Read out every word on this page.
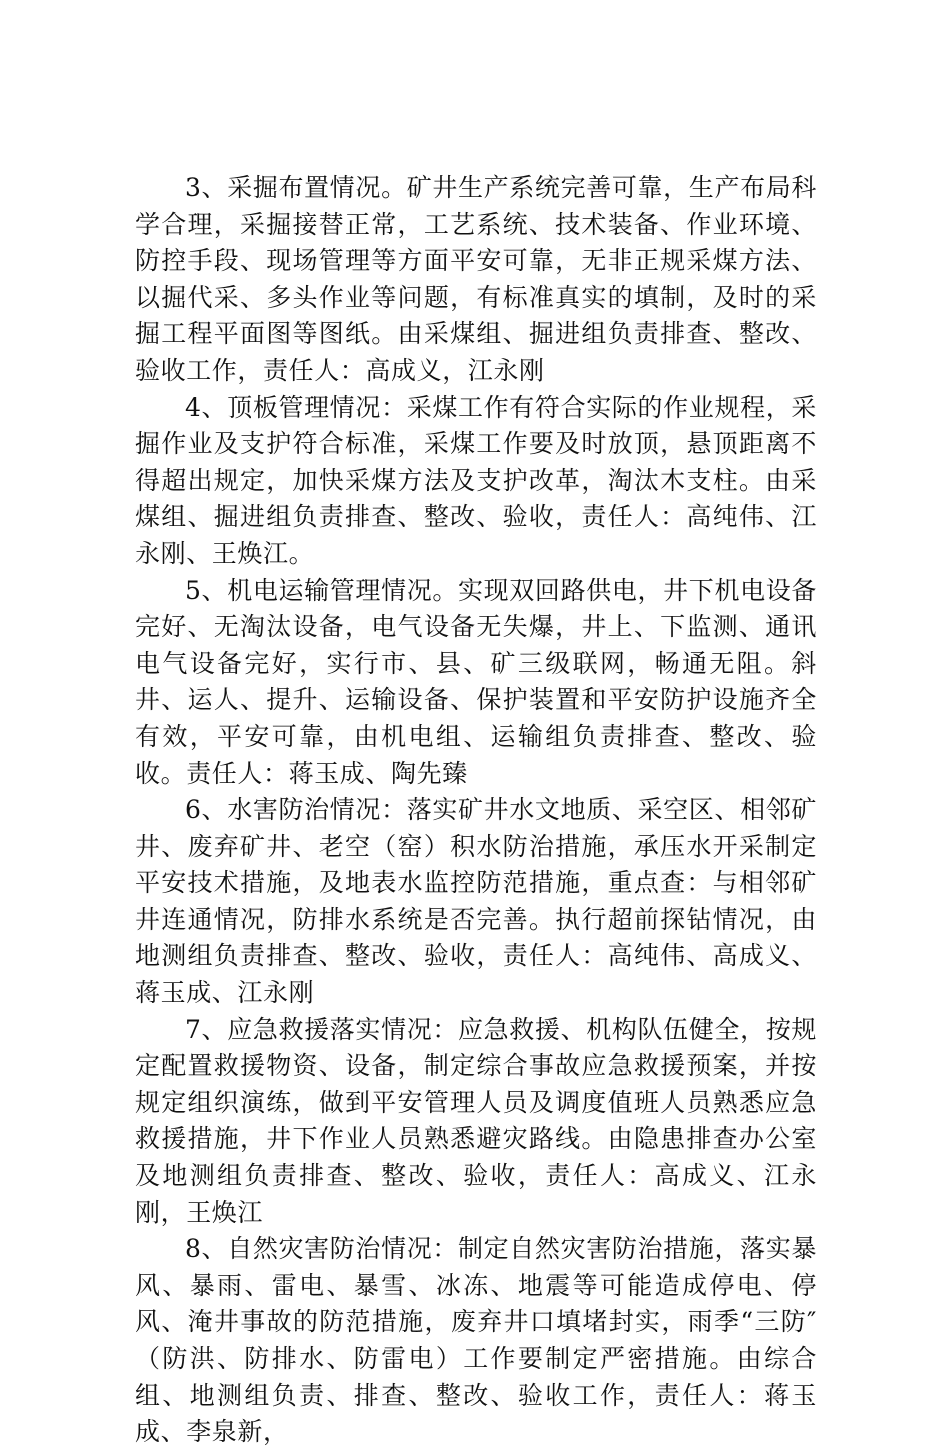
3、采掘布置情况。矿井生产系统完善可靠，生产布局科学合理，采掘接替正常，工艺系统、技术装备、作业环境、防控手段、现场管理等方面平安可靠，无非正规采煤方法、以掘代采、多头作业等问题，有标准真实的填制，及时的采掘工程平面图等图纸。由采煤组、掘进组负责排查、整改、验收工作，责任人：高成义，江永刚

4、顶板管理情况：采煤工作有符合实际的作业规程，采掘作业及支护符合标准，采煤工作要及时放顶，悬顶距离不得超出规定，加快采煤方法及支护改革，淘汰木支柱。由采煤组、掘进组负责排查、整改、验收，责任人：高纯伟、江永刚、王焕江。

5、机电运输管理情况。实现双回路供电，井下机电设备完好、无淘汰设备，电气设备无失爆，井上、下监测、通讯电气设备完好，实行市、县、矿三级联网，畅通无阻。斜井、运人、提升、运输设备、保护装置和平安防护设施齐全有效，平安可靠，由机电组、运输组负责排查、整改、验收。责任人：蒋玉成、陶先臻

6、水害防治情况：落实矿井水文地质、采空区、相邻矿井、废弃矿井、老空（窑）积水防治措施，承压水开采制定平安技术措施，及地表水监控防范措施，重点查：与相邻矿井连通情况，防排水系统是否完善。执行超前探钻情况，由地测组负责排查、整改、验收，责任人：高纯伟、高成义、蒋玉成、江永刚

7、应急救援落实情况：应急救援、机构队伍健全，按规定配置救援物资、设备，制定综合事故应急救援预案，并按规定组织演练，做到平安管理人员及调度值班人员熟悉应急救援措施，井下作业人员熟悉避灾路线。由隐患排查办公室及地测组负责排查、整改、验收，责任人：高成义、江永刚，王焕江

8、自然灾害防治情况：制定自然灾害防治措施，落实暴风、暴雨、雷电、暴雪、冰冻、地震等可能造成停电、停风、淹井事故的防范措施，废弃井口填堵封实，雨季“三防″（防洪、防排水、防雷电）工作要制定严密措施。由综合组、地测组负责、排查、整改、验收工作，责任人：蒋玉成、李泉新，
